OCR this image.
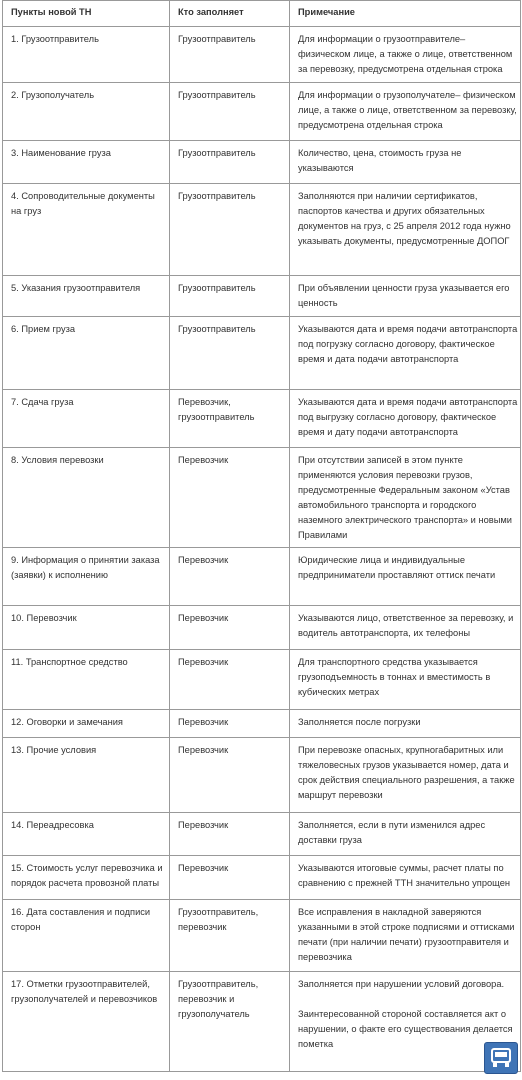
Пункты новой ТН	Кто заполняет	Примечание
1. Грузоотправитель	Грузоотправитель	Для информации о грузоотправителе– физическом лице, а также о лице, ответственном за перевозку, предусмотрена отдельная строка
2. Грузополучатель	Грузоотправитель	Для информации о грузополучателе– физическом лице, а также о лице, ответственном за перевозку, предусмотрена отдельная строка
3. Наименование груза	Грузоотправитель	Количество, цена, стоимость груза не указываются
4. Сопроводительные документы на груз	Грузоотправитель	Заполняются при наличии сертификатов, паспортов качества и других обязательных документов на груз, с 25 апреля 2012 года нужно указывать документы, предусмотренные ДОПОГ
5. Указания грузоотправителя	Грузоотправитель	При объявлении ценности груза указывается его ценность
6. Прием груза	Грузоотправитель	Указываются дата и время подачи автотранспорта под погрузку согласно договору, фактическое время и дата подачи автотранспорта
7. Сдача груза	Перевозчик, грузоотправитель	Указываются дата и время подачи автотранспорта под выгрузку согласно договору, фактическое время и дату подачи автотранспорта
8. Условия перевозки	Перевозчик	При отсутствии записей в этом пункте применяются условия перевозки грузов, предусмотренные Федеральным законом «Устав автомобильного транспорта и городского наземного электрического транспорта» и новыми Правилами
9. Информация о принятии заказа (заявки) к исполнению	Перевозчик	Юридические лица и индивидуальные предприниматели проставляют оттиск печати
10. Перевозчик	Перевозчик	Указываются лицо, ответственное за перевозку, и водитель автотранспорта, их телефоны
11. Транспортное средство	Перевозчик	Для транспортного средства указывается грузоподъемность в тоннах и вместимость в кубических метрах
12. Оговорки и замечания	Перевозчик	Заполняется после погрузки
13. Прочие условия	Перевозчик	При перевозке опасных, крупногабаритных или тяжеловесных грузов указывается номер, дата и срок действия специального разрешения, а также маршрут перевозки
14. Переадресовка	Перевозчик	Заполняется, если в пути изменился адрес доставки груза
15. Стоимость услуг перевозчика и порядок расчета провозной платы	Перевозчик	Указываются итоговые суммы, расчет платы по сравнению с прежней ТТН значительно упрощен
16. Дата составления и подписи сторон	Грузоотправитель, перевозчик	Все исправления в накладной заверяются указанными в этой строке подписями и оттисками печати (при наличии печати) грузоотправителя и перевозчика
17. Отметки грузоотправителей, грузополучателей и перевозчиков	Грузоотправитель, перевозчик и грузополучатель	Заполняется при нарушении условий договора.

Заинтересованной стороной составляется акт о нарушении, о факте его существования делается пометка
